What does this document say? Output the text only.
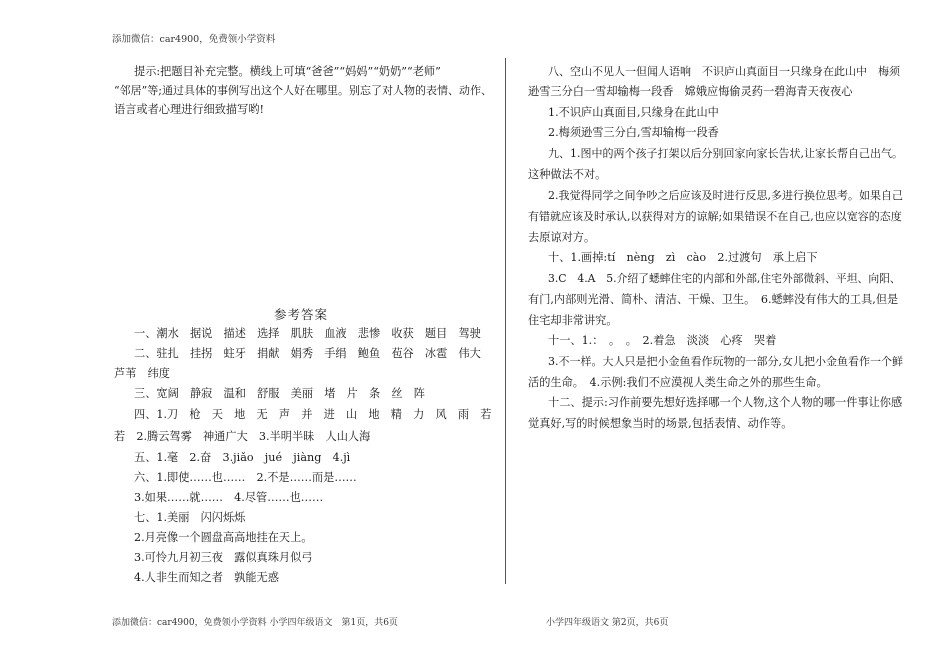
添加微信：car4900，免费领小学资料
提示:把题目补充完整。横线上可填“爸爸”“妈妈”“奶奶”“老师”
“邻居”等;通过具体的事例写出这个人好在哪里。别忘了对人物的表情、动作、
语言或者心理进行细致描写哟!
参考答案
一、潮水　据说　描述　选择　肌肤　血液　悲惨　收获　题目　驾驶
二、驻扎　挂拐　蛀牙　捐献　娟秀　手绢　鲍鱼　苞谷　冰雹　伟大
芦苇　纬度
三、宽阔　静寂　温和　舒服　美丽　堵　片　条　丝　阵
四、1.刀　枪　天　地　无　声　并　进　山　地　精　力　风　雨　若
若　2.腾云驾雾　神通广大　3.半明半昧　人山人海
五、1.毫　2.奋　3.jiǎo　jué　jiàng　4.jì
六、1.即使……也……　2.不是……而是……
3.如果……就……　4.尽管……也……
七、1.美丽　闪闪烁烁
2.月亮像一个圆盘高高地挂在天上。
3.可怜九月初三夜　露似真珠月似弓
4.人非生而知之者　孰能无惑
八、空山不见人一但闻人语响　不识庐山真面目一只缘身在此山中　梅须
逊雪三分白一雪却输梅一段香　嫦娥应悔偷灵药一碧海青天夜夜心
1.不识庐山真面目,只缘身在此山中
2.梅须逊雪三分白,雪却输梅一段香
九、1.图中的两个孩子打架以后分别回家向家长告状,让家长帮自己出气。
这种做法不对。
2.我觉得同学之间争吵之后应该及时进行反思,多进行换位思考。如果自己
有错就应该及时承认,以获得对方的谅解;如果错误不在自己,也应以宽容的态度
去原谅对方。
十、1.画掉:tí　nèng　zì　càо　2.过渡句　承上启下
3.C　4.A　5.介绍了蟋蟀住宅的内部和外部,住宅外部微斜、平坦、向阳、
有门,内部则光滑、简朴、清洁、干燥、卫生。　6.蟋蟀没有伟大的工具,但是
住宅却非常讲究。
十一、1.：　。　。　2.着急　淡淡　心疼　哭着
3.不一样。大人只是把小金鱼看作玩物的一部分,女儿把小金鱼看作一个鲜
活的生命。　4.示例:我们不应漠视人类生命之外的那些生命。
十二、提示:习作前要先想好选择哪一个人物,这个人物的哪一件事让你感
觉真好,写的时候想象当时的场景,包括表情、动作等。
添加微信：car4900，免费领小学资料 小学四年级语文　第1页，共6页	小学四年级语文 第2页，共6页
